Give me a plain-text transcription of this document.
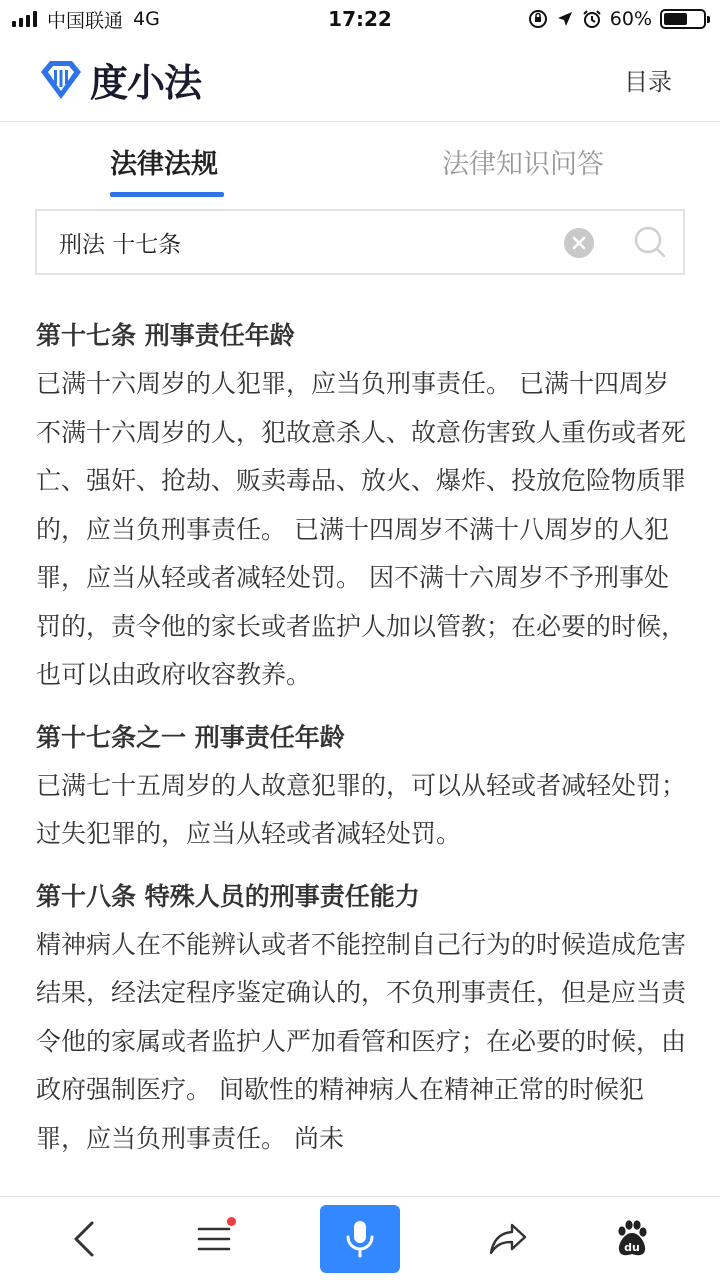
中国联通 4G	17:22	60%
度小法	目录
法律法规	法律知识问答
刑法 十七条
第十七条 刑事责任年龄
已满十六周岁的人犯罪，应当负刑事责任。 已满十四周岁不满十六周岁的人，犯故意杀人、故意伤害致人重伤或者死亡、强奸、抢劫、贩卖毒品、放火、爆炸、投放危险物质罪的，应当负刑事责任。 已满十四周岁不满十八周岁的人犯罪，应当从轻或者减轻处罚。 因不满十六周岁不予刑事处罚的，责令他的家长或者监护人加以管教；在必要的时候，也可以由政府收容教养。
第十七条之一 刑事责任年龄
已满七十五周岁的人故意犯罪的，可以从轻或者减轻处罚；过失犯罪的，应当从轻或者减轻处罚。
第十八条 特殊人员的刑事责任能力
精神病人在不能辨认或者不能控制自己行为的时候造成危害结果，经法定程序鉴定确认的，不负刑事责任，但是应当责令他的家属或者监护人严加看管和医疗；在必要的时候，由政府强制医疗。 间歇性的精神病人在精神正常的时候犯罪，应当负刑事责任。 尚未
du
